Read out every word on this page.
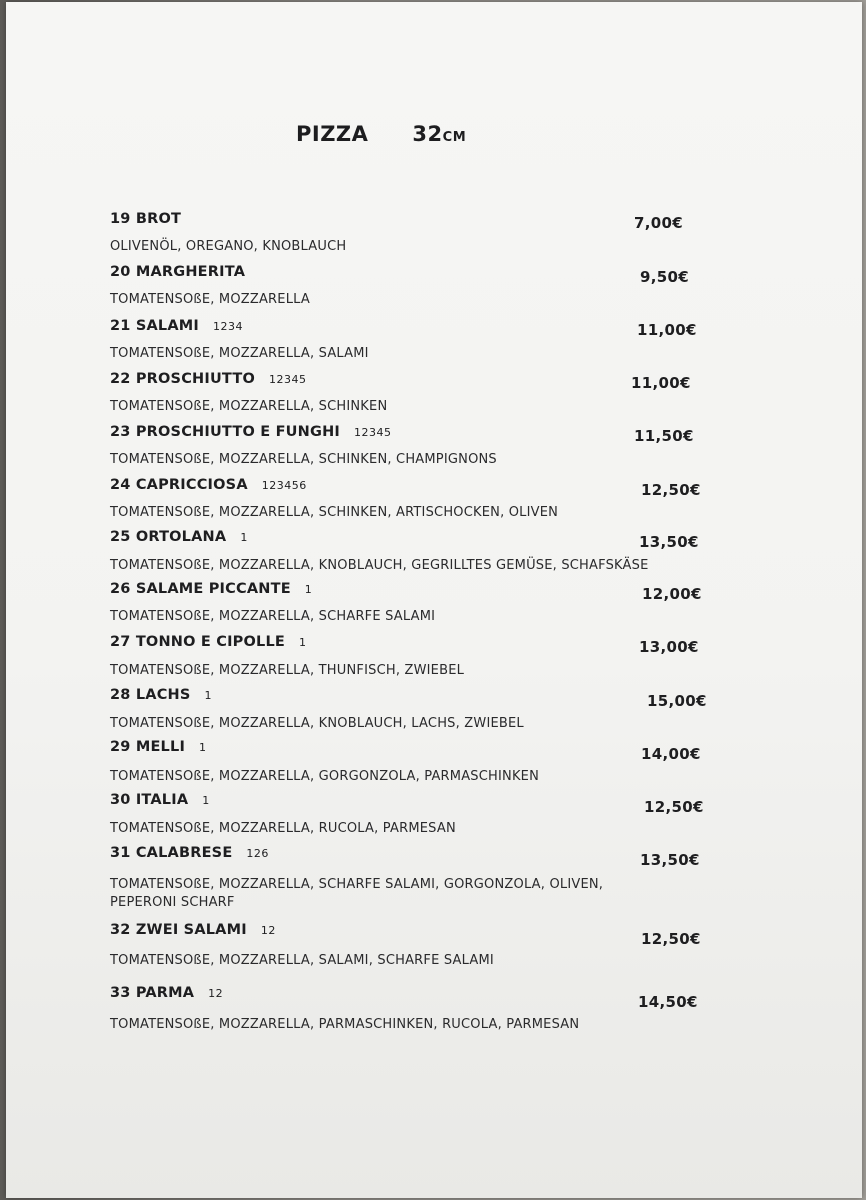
PIZZA 32CM
19 BROT	7,00€
OLIVENÖL, OREGANO, KNOBLAUCH
20 MARGHERITA	9,50€
TOMATENSOßE, MOZZARELLA
21 SALAMI 1234	11,00€
TOMATENSOßE, MOZZARELLA, SALAMI
22 PROSCHIUTTO 12345	11,00€
TOMATENSOßE, MOZZARELLA, SCHINKEN
23 PROSCHIUTTO E FUNGHI 12345	11,50€
TOMATENSOßE, MOZZARELLA, SCHINKEN, CHAMPIGNONS
24 CAPRICCIOSA 123456	12,50€
TOMATENSOßE, MOZZARELLA, SCHINKEN, ARTISCHOCKEN, OLIVEN
25 ORTOLANA 1	13,50€
TOMATENSOßE, MOZZARELLA, KNOBLAUCH, GEGRILLTES GEMÜSE, SCHAFSKÄSE
26 SALAME PICCANTE 1	12,00€
TOMATENSOßE, MOZZARELLA, SCHARFE SALAMI
27 TONNO E CIPOLLE 1	13,00€
TOMATENSOßE, MOZZARELLA, THUNFISCH, ZWIEBEL
28 LACHS 1	15,00€
TOMATENSOßE, MOZZARELLA, KNOBLAUCH, LACHS, ZWIEBEL
29 MELLI 1	14,00€
TOMATENSOßE, MOZZARELLA, GORGONZOLA, PARMASCHINKEN
30 ITALIA 1	12,50€
TOMATENSOßE, MOZZARELLA, RUCOLA, PARMESAN
31 CALABRESE 126	13,50€
TOMATENSOßE, MOZZARELLA, SCHARFE SALAMI, GORGONZOLA, OLIVEN,
PEPERONI SCHARF
32 ZWEI SALAMI 12	12,50€
TOMATENSOßE, MOZZARELLA, SALAMI, SCHARFE SALAMI
33 PARMA 12	14,50€
TOMATENSOßE, MOZZARELLA, PARMASCHINKEN, RUCOLA, PARMESAN
